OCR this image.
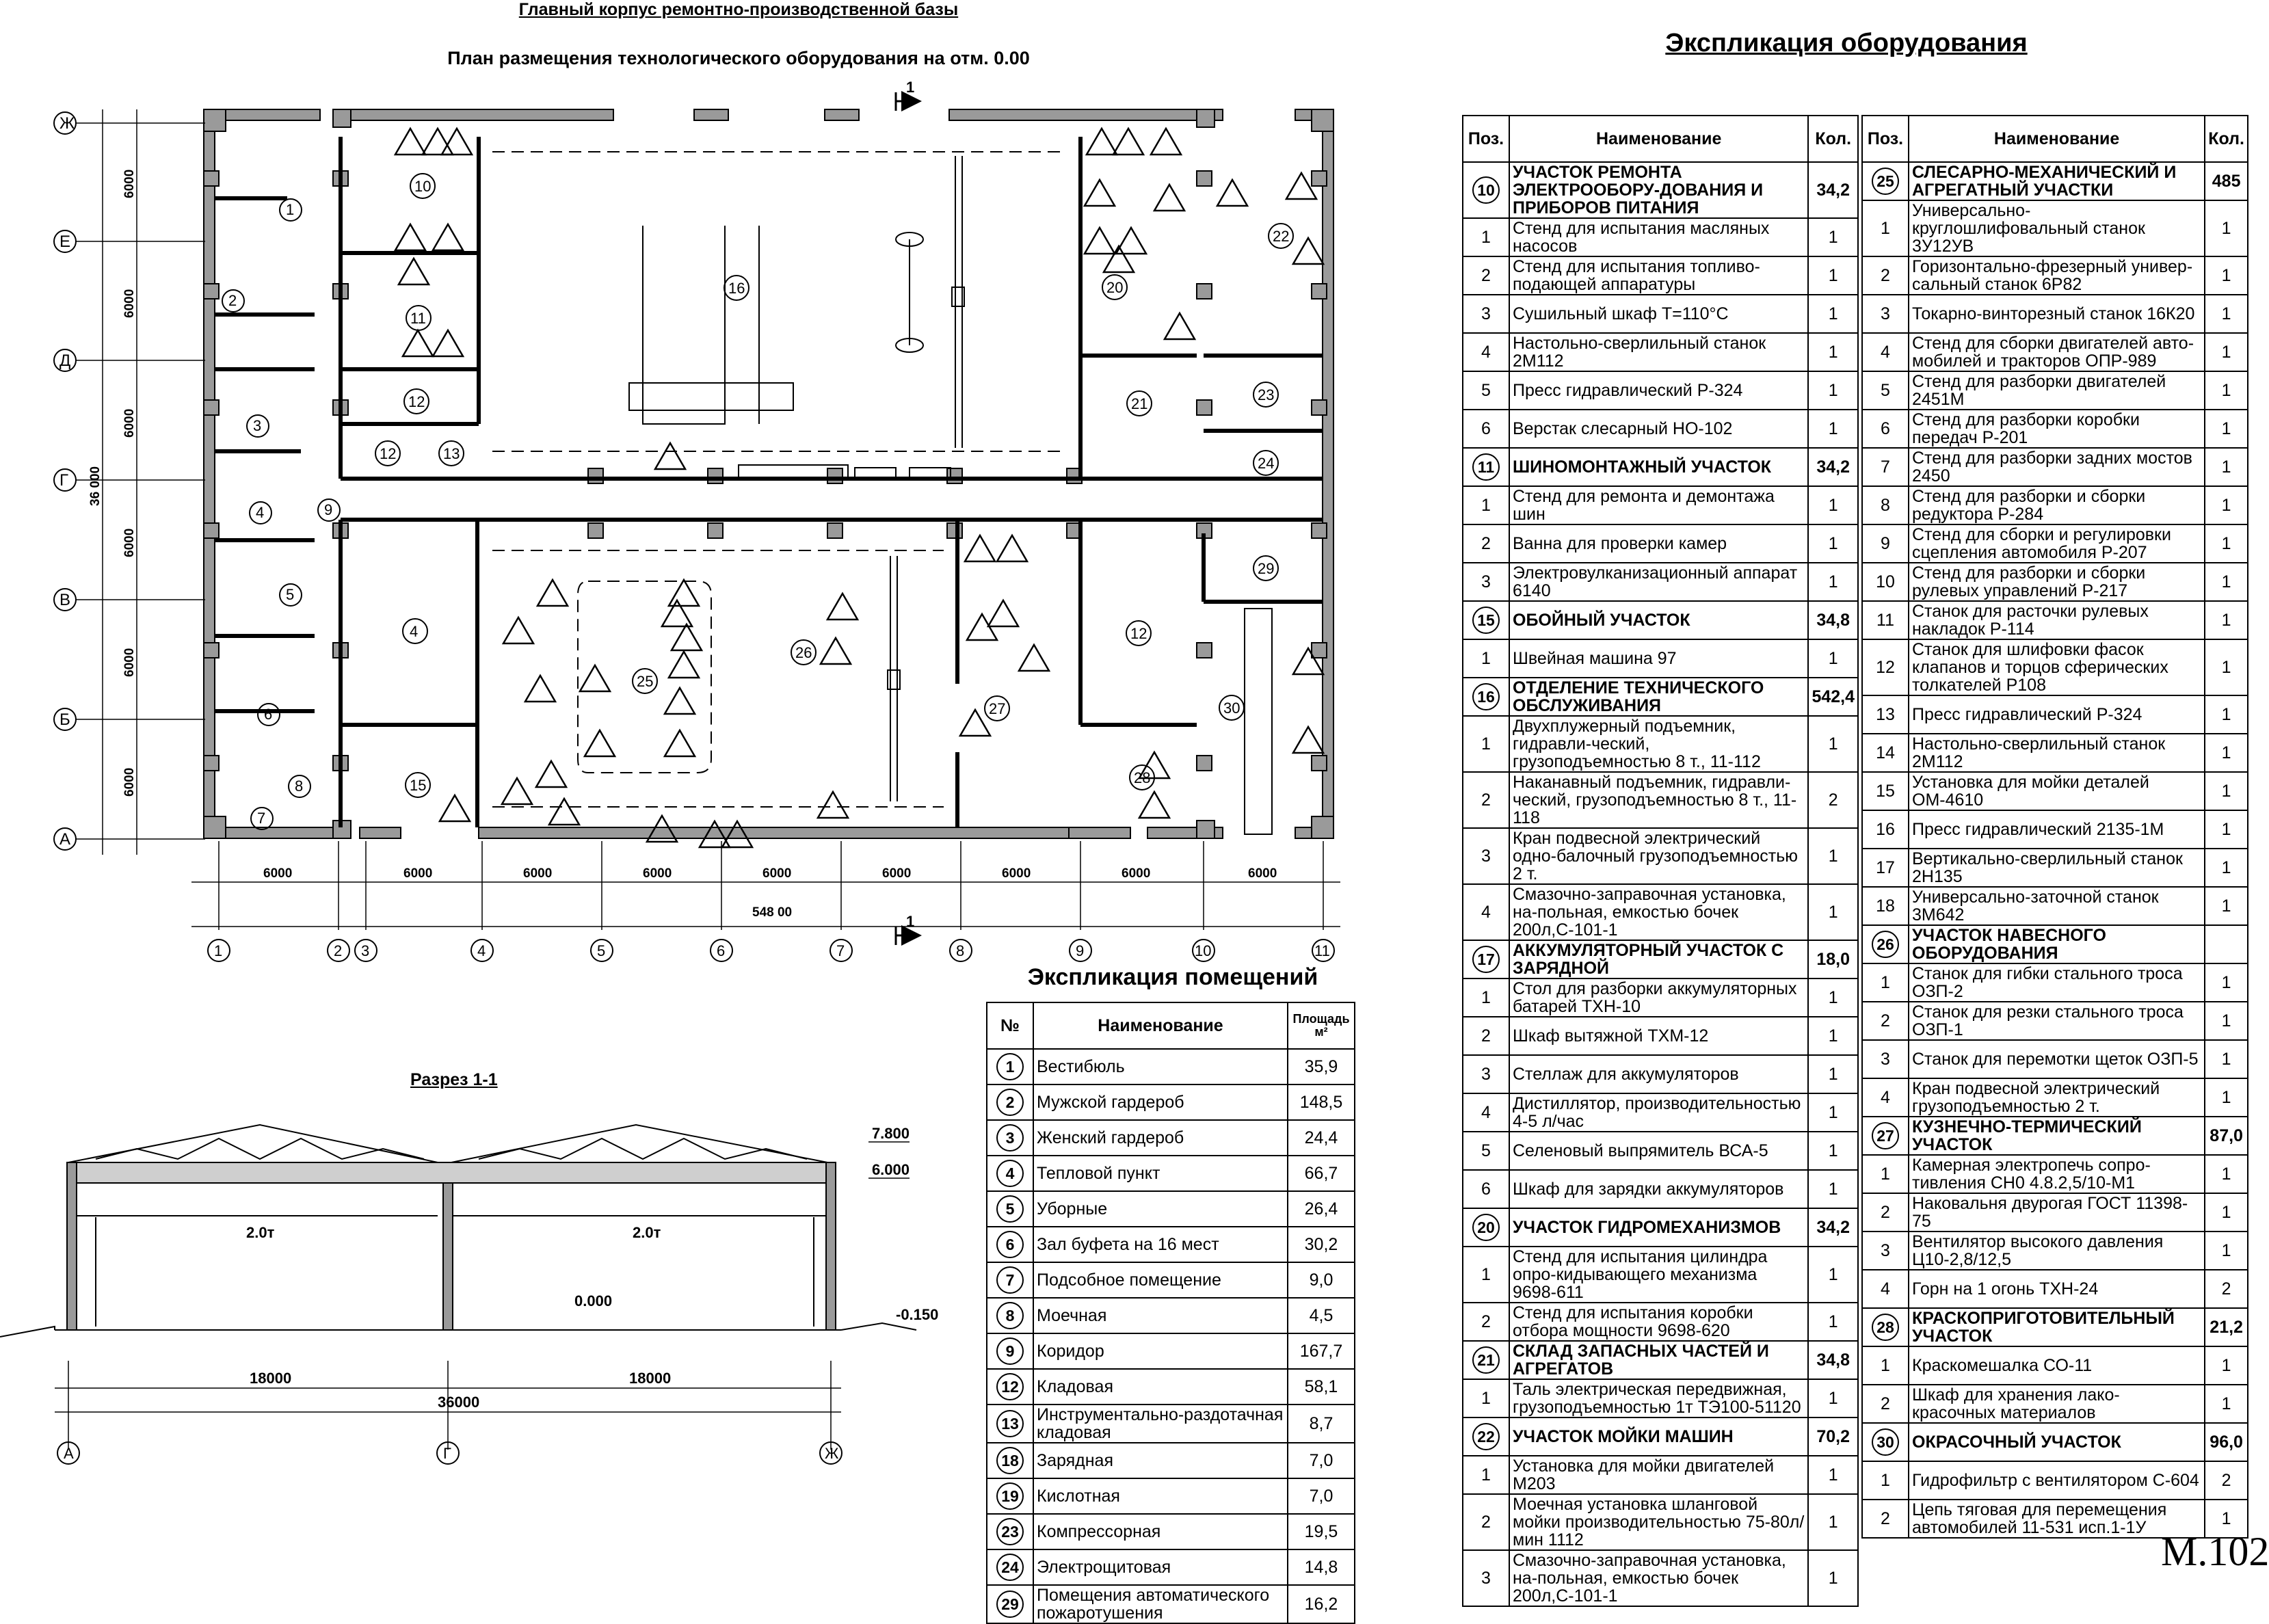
Главный корпус ремонтно-производственной базы
План размещения технологического оборудования на отм. 0.00
Ж
Е
Д
Г
В
Б
А
6000
6000
6000
6000
6000
6000
36 000
6000	6000	6000	6000	6000	6000	6000	6000	6000
548 00
1	2 3	4	5	6	7	8	9	10	11
1
1
1
2
3
4
5
6
7
8
9
10
11
12
12	13
16	20
21
22
23
24
4
15
25
26
12
27
28
29
30
Разрез 1-1
2.0т	2.0т
7.800
6.000
0.000
-0.150
18000	18000
36000
А	Г	Ж
Экспликация помещений
№	Наименование	Площадь м²
1	Вестибюль	35,9
2	Мужской гардероб	148,5
3	Женский гардероб	24,4
4	Тепловой пункт	66,7
5	Уборные	26,4
6	Зал буфета на 16 мест	30,2
7	Подсобное помещение	9,0
8	Моечная	4,5
9	Коридор	167,7
12	Кладовая	58,1
13	Инструментально-раздотачная кладовая	8,7
18	Зарядная	7,0
19	Кислотная	7,0
23	Компрессорная	19,5
24	Электрощитовая	14,8
29	Помещения автоматического пожаротушения	16,2
Экспликация оборудования
Поз.	Наименование	Кол.
10	УЧАСТОК РЕМОНТА ЭЛЕКТРООБОРУ-ДОВАНИЯ И ПРИБОРОВ ПИТАНИЯ	34,2
1	Стенд для испытания масляных насосов	1
2	Стенд для испытания топливо-подающей аппаратуры	1
3	Сушильный шкаф Т=110°С	1
4	Настольно-сверлильный станок 2М112	1
5	Пресс гидравлический Р-324	1
6	Верстак слесарный НО-102	1
11	ШИНОМОНТАЖНЫЙ УЧАСТОК	34,2
1	Стенд для ремонта и демонтажа шин	1
2	Ванна для проверки камер	1
3	Электровулканизационный аппарат 6140	1
15	ОБОЙНЫЙ УЧАСТОК	34,8
1	Швейная машина 97	1
16	ОТДЕЛЕНИЕ ТЕХНИЧЕСКОГО ОБСЛУЖИВАНИЯ	542,4
1	Двухплужерный подъемник, гидравли-ческий, грузоподъемностью 8 т., 11-112	1
2	Наканавный подъемник, гидравли-ческий, грузоподъемностью 8 т., 11-118	2
3	Кран подвесной электрический одно-балочный грузоподъемностью 2 т.	1
4	Смазочно-заправочная установка, на-польная, емкостью бочек 200л,С-101-1	1
17	АККУМУЛЯТОРНЫЙ УЧАСТОК С ЗАРЯДНОЙ	18,0
1	Стол для разборки аккумуляторных батарей ТХН-10	1
2	Шкаф вытяжной ТХМ-12	1
3	Стеллаж для аккумуляторов	1
4	Дистиллятор, производительностью 4-5 л/час	1
5	Селеновый выпрямитель ВСА-5	1
6	Шкаф для зарядки аккумуляторов	1
20	УЧАСТОК ГИДРОМЕХАНИЗМОВ	34,2
1	Стенд для испытания цилиндра опро-кидывающего механизма 9698-611	1
2	Стенд для испытания коробки отбора мощности 9698-620	1
21	СКЛАД ЗАПАСНЫХ ЧАСТЕЙ И АГРЕГАТОВ	34,8
1	Таль электрическая передвижная, грузоподъемностью 1т ТЭ100-51120	1
22	УЧАСТОК МОЙКИ МАШИН	70,2
1	Установка для мойки двигателей М203	1
2	Моечная установка шланговой мойки производительностью 75-80л/мин 1112	1
3	Смазочно-заправочная установка, на-польная, емкостью бочек 200л,С-101-1	1
Поз.	Наименование	Кол.
25	СЛЕСАРНО-МЕХАНИЧЕСКИЙ И АГРЕГАТНЫЙ УЧАСТКИ	485
1	Универсально-круглошлифовальный станок 3У12УВ	1
2	Горизонтально-фрезерный универ-сальный станок 6Р82	1
3	Токарно-винторезный станок 16К20	1
4	Стенд для сборки двигателей авто-мобилей и тракторов ОПР-989	1
5	Стенд для разборки двигателей 2451М	1
6	Стенд для разборки коробки передач Р-201	1
7	Стенд для разборки задних мостов 2450	1
8	Стенд для разборки и сборки редуктора Р-284	1
9	Стенд для сборки и регулировки сцепления автомобиля Р-207	1
10	Стенд для разборки и сборки рулевых управлений Р-217	1
11	Станок для расточки рулевых накладок Р-114	1
12	Станок для шлифовки фасок клапанов и торцов сферических толкателей Р108	1
13	Пресс гидравлический Р-324	1
14	Настольно-сверлильный станок 2М112	1
15	Установка для мойки деталей ОМ-4610	1
16	Пресс гидравлический 2135-1М	1
17	Вертикально-сверлильный станок 2Н135	1
18	Универсально-заточной станок 3М642	1
26	УЧАСТОК НАВЕСНОГО ОБОРУДОВАНИЯ	
1	Станок для гибки стального троса ОЗП-2	1
2	Станок для резки стального троса ОЗП-1	1
3	Станок для перемотки щеток ОЗП-5	1
4	Кран подвесной электрический грузоподъемностью 2 т.	1
27	КУЗНЕЧНО-ТЕРМИЧЕСКИЙ УЧАСТОК	87,0
1	Камерная электропечь сопро-тивления СН0 4.8.2,5/10-М1	1
2	Наковальня двурогая ГОСТ 11398-75	1
3	Вентилятор высокого давления Ц10-2,8/12,5	1
4	Горн на 1 огонь ТХН-24	2
28	КРАСКОПРИГОТОВИТЕЛЬНЫЙ УЧАСТОК	21,2
1	Краскомешалка СО-11	1
2	Шкаф для хранения лако-красочных материалов	1
30	ОКРАСОЧНЫЙ УЧАСТОК	96,0
1	Гидрофильтр с вентилятором С-604	2
2	Цепь тяговая для перемещения автомобилей 11-531 исп.1-1У	1
М.102
